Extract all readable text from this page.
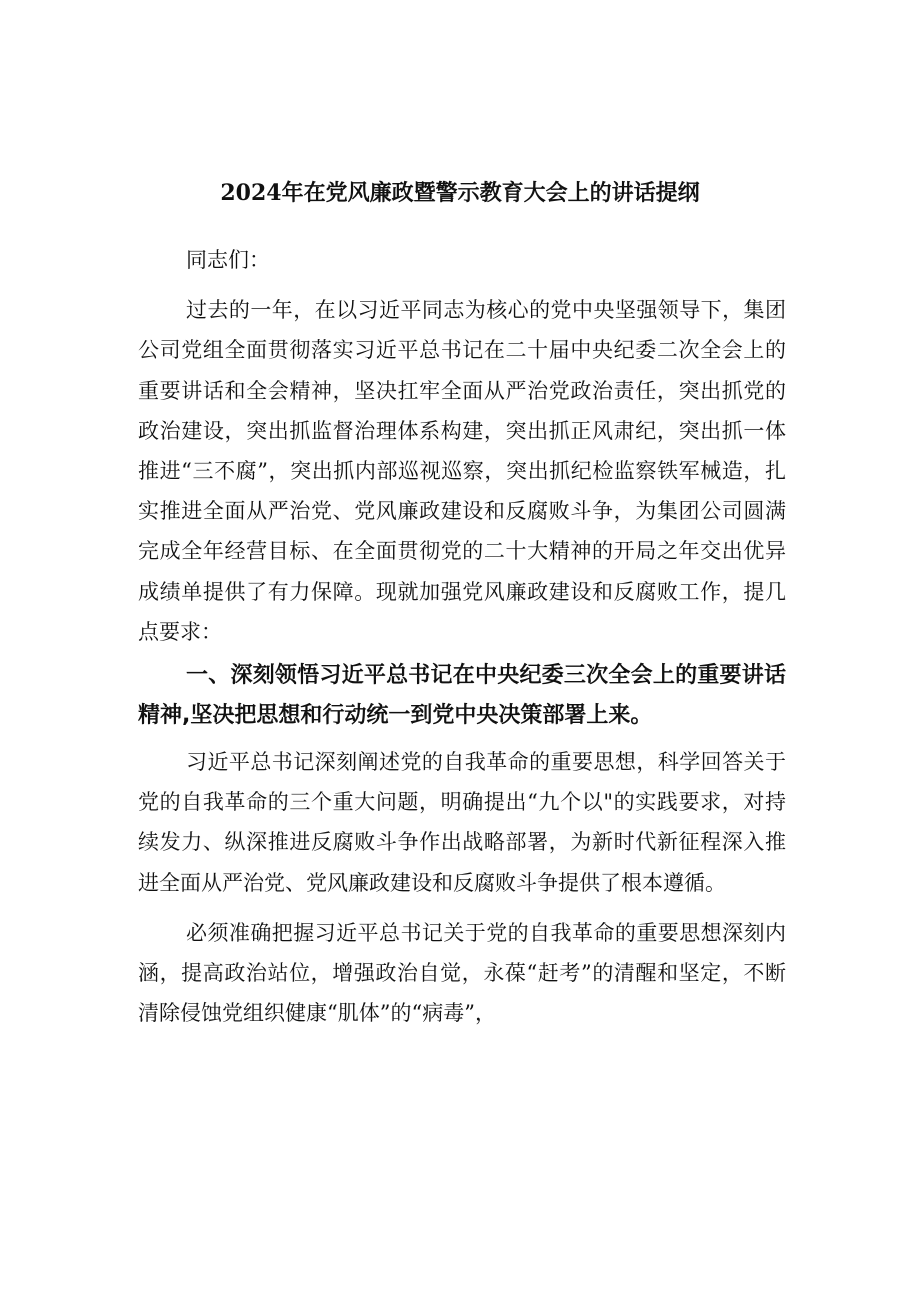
2024年在党风廉政暨警示教育大会上的讲话提纲

同志们：

过去的一年，在以习近平同志为核心的党中央坚强领导下，集团公司党组全面贯彻落实习近平总书记在二十届中央纪委二次全会上的重要讲话和全会精神，坚决扛牢全面从严治党政治责任，突出抓党的政治建设，突出抓监督治理体系构建，突出抓正风肃纪，突出抓一体推进“三不腐”，突出抓内部巡视巡察，突出抓纪检监察铁军械造，扎实推进全面从严治党、党风廉政建设和反腐败斗争，为集团公司圆满完成全年经营目标、在全面贯彻党的二十大精神的开局之年交出优异成绩单提供了有力保障。现就加强党风廉政建设和反腐败工作，提几点要求：

一、深刻领悟习近平总书记在中央纪委三次全会上的重要讲话精神,坚决把思想和行动统一到党中央决策部署上来。

习近平总书记深刻阐述党的自我革命的重要思想，科学回答关于党的自我革命的三个重大问题，明确提出“九个以"的实践要求，对持续发力、纵深推进反腐败斗争作出战略部署，为新时代新征程深入推进全面从严治党、党风廉政建设和反腐败斗争提供了根本遵循。

必须准确把握习近平总书记关于党的自我革命的重要思想深刻内涵，提高政治站位，增强政治自觉，永葆“赶考”的清醒和坚定，不断清除侵蚀党组织健康“肌体”的“病毒”，
